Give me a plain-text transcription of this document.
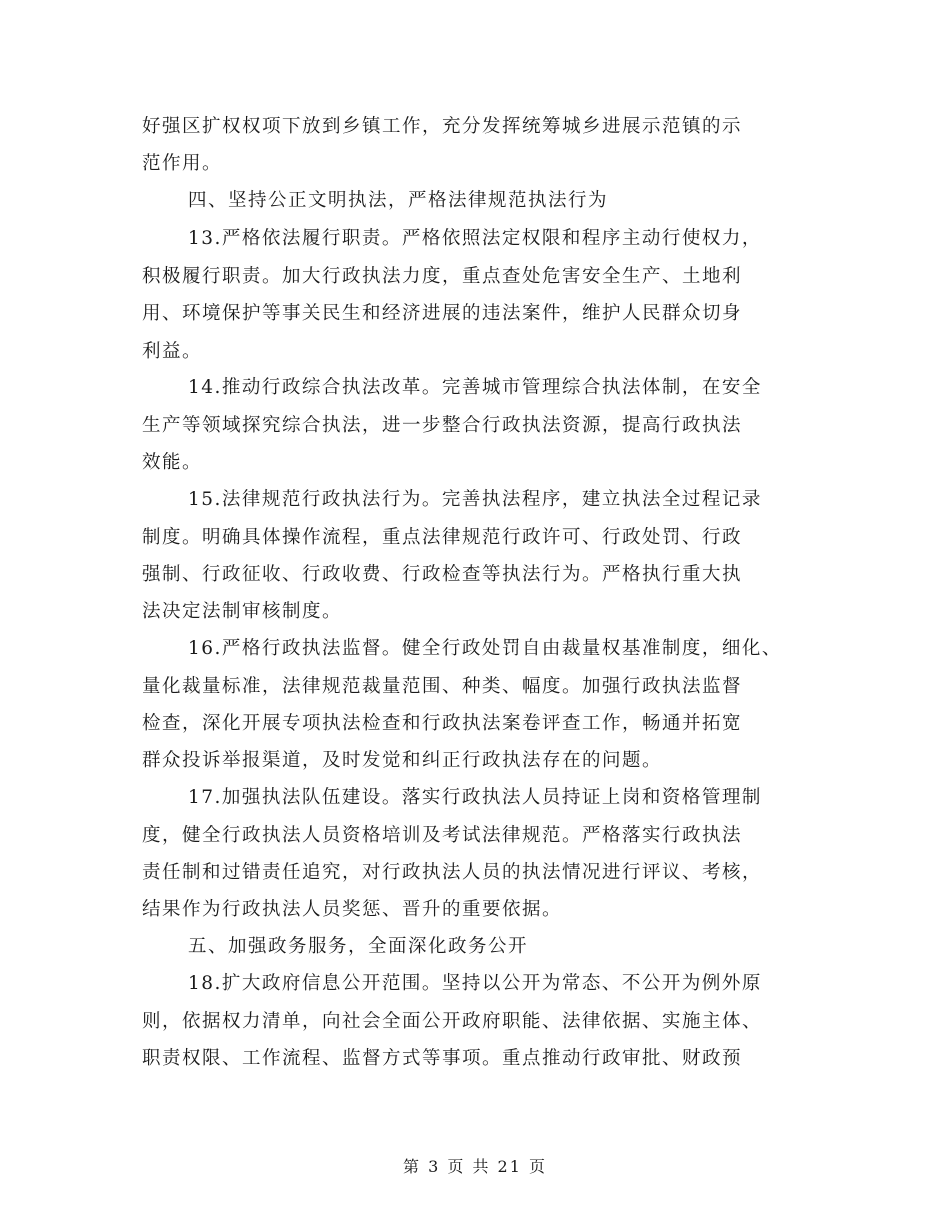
好强区扩权权项下放到乡镇工作，充分发挥统筹城乡进展示范镇的示
范作用。
四、坚持公正文明执法，严格法律规范执法行为
13.严格依法履行职责。严格依照法定权限和程序主动行使权力，
积极履行职责。加大行政执法力度，重点查处危害安全生产、土地利
用、环境保护等事关民生和经济进展的违法案件，维护人民群众切身
利益。
14.推动行政综合执法改革。完善城市管理综合执法体制，在安全
生产等领域探究综合执法，进一步整合行政执法资源，提高行政执法
效能。
15.法律规范行政执法行为。完善执法程序，建立执法全过程记录
制度。明确具体操作流程，重点法律规范行政许可、行政处罚、行政
强制、行政征收、行政收费、行政检查等执法行为。严格执行重大执
法决定法制审核制度。
16.严格行政执法监督。健全行政处罚自由裁量权基准制度，细化、
量化裁量标准，法律规范裁量范围、种类、幅度。加强行政执法监督
检查，深化开展专项执法检查和行政执法案卷评查工作，畅通并拓宽
群众投诉举报渠道，及时发觉和纠正行政执法存在的问题。
17.加强执法队伍建设。落实行政执法人员持证上岗和资格管理制
度，健全行政执法人员资格培训及考试法律规范。严格落实行政执法
责任制和过错责任追究，对行政执法人员的执法情况进行评议、考核，
结果作为行政执法人员奖惩、晋升的重要依据。
五、加强政务服务，全面深化政务公开
18.扩大政府信息公开范围。坚持以公开为常态、不公开为例外原
则，依据权力清单，向社会全面公开政府职能、法律依据、实施主体、
职责权限、工作流程、监督方式等事项。重点推动行政审批、财政预
第 3 页 共 21 页
